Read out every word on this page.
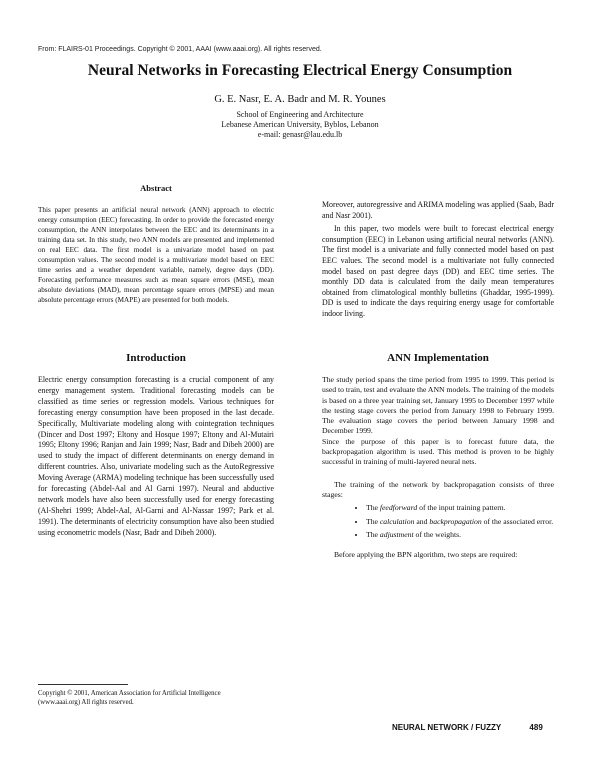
From: FLAIRS-01 Proceedings. Copyright © 2001, AAAI (www.aaai.org). All rights reserved.
Neural Networks in Forecasting Electrical Energy Consumption
G. E. Nasr, E. A. Badr and M. R. Younes
School of Engineering and Architecture
Lebanese American University, Byblos, Lebanon
e-mail: genasr@lau.edu.lb
Abstract
This paper presents an artificial neural network (ANN) approach to electric energy consumption (EEC) forecasting. In order to provide the forecasted energy consumption, the ANN interpolates between the EEC and its determinants in a training data set. In this study, two ANN models are presented and implemented on real EEC data. The first model is a univariate model based on past consumption values. The second model is a multivariate model based on EEC time series and a weather dependent variable, namely, degree days (DD). Forecasting performance measures such as mean square errors (MSE), mean absolute deviations (MAD), mean percentage square errors (MPSE) and mean absolute percentage errors (MAPE) are presented for both models.
Introduction
Electric energy consumption forecasting is a crucial component of any energy management system. Traditional forecasting models can be classified as time series or regression models. Various techniques for forecasting energy consumption have been proposed in the last decade. Specifically, Multivariate modeling along with cointegration techniques (Dincer and Dost 1997; Eltony and Hosque 1997; Eltony and Al-Mutairi 1995; Eltony 1996; Ranjan and Jain 1999; Nasr, Badr and Dibeh 2000) are used to study the impact of different determinants on energy demand in different countries. Also, univariate modeling such as the AutoRegressive Moving Average (ARMA) modeling technique has been successfully used for forecasting (Abdel-Aal and Al Garni 1997). Neural and abductive network models have also been successfully used for energy forecasting (Al-Shehri 1999; Abdel-Aal, Al-Garni and Al-Nassar 1997; Park et al. 1991). The determinants of electricity consumption have also been studied using econometric models (Nasr, Badr and Dibeh 2000).
Copyright © 2001, American Association for Artificial Intelligence
(www.aaai.org) All rights reserved.

Moreover, autoregressive and ARIMA modeling was applied (Saab, Badr and Nasr 2001).

In this paper, two models were built to forecast electrical energy consumption (EEC) in Lebanon using artificial neural networks (ANN). The first model is a univariate and fully connected model based on past EEC values. The second model is a multivariate not fully connected model based on past degree days (DD) and EEC time series. The monthly DD data is calculated from the daily mean temperatures obtained from climatological monthly bulletins (Ghaddar, 1995-1999). DD is used to indicate the days requiring energy usage for comfortable indoor living.

ANN Implementation

The study period spans the time period from 1995 to 1999. This period is used to train, test and evaluate the ANN models. The training of the models is based on a three year training set, January 1995 to December 1997 while the testing stage covers the period from January 1998 to February 1999. The evaluation stage covers the period between January 1998 and December 1999.

Since the purpose of this paper is to forecast future data, the backpropagation algorithm is used. This method is proven to be highly successful in training of multi-layered neural nets.

The training of the network by backpropagation consists of three stages:

• The feedforward of the input training pattern.
• The calculation and backpropagation of the associated error.
• The adjustment of the weights.

Before applying the BPN algorithm, two steps are required:

NEURAL NETWORK / FUZZY	489
